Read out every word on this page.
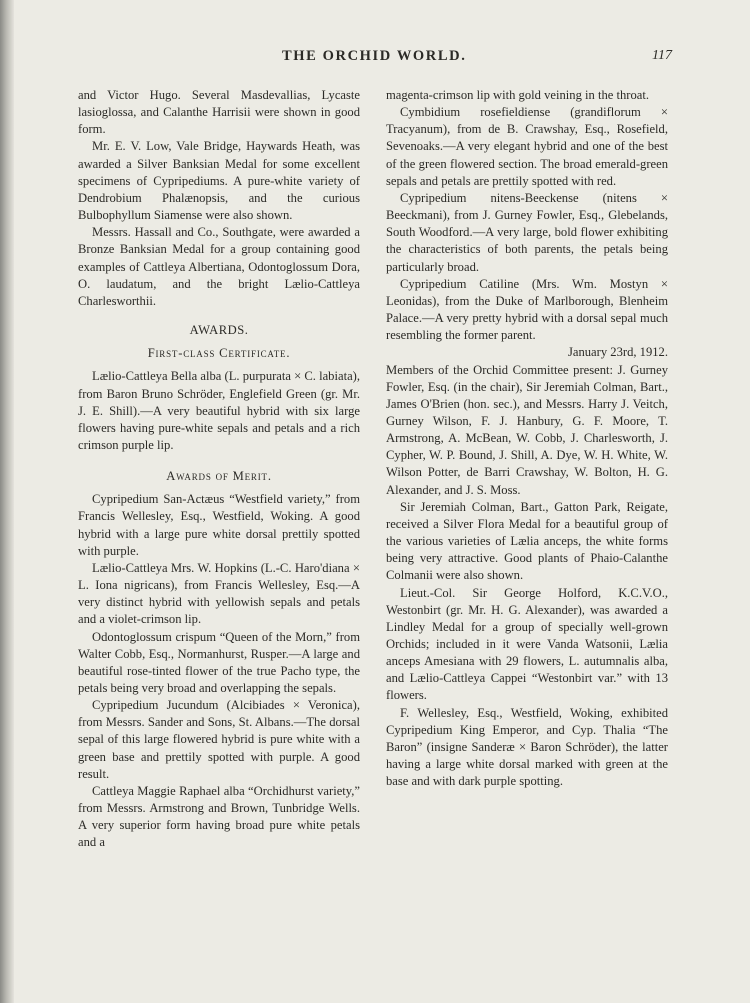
THE ORCHID WORLD.	117

and Victor Hugo. Several Masdevallias, Lycaste lasioglossa, and Calanthe Harrisii were shown in good form.

Mr. E. V. Low, Vale Bridge, Haywards Heath, was awarded a Silver Banksian Medal for some excellent specimens of Cypripediums. A pure-white variety of Dendrobium Phalænopsis, and the curious Bulbophyllum Siamense were also shown.

Messrs. Hassall and Co., Southgate, were awarded a Bronze Banksian Medal for a group containing good examples of Cattleya Albertiana, Odontoglossum Dora, O. laudatum, and the bright Lælio-Cattleya Charlesworthii.

AWARDS.
First-class Certificate.

Lælio-Cattleya Bella alba (L. purpurata × C. labiata), from Baron Bruno Schröder, Englefield Green (gr. Mr. J. E. Shill).—A very beautiful hybrid with six large flowers having pure-white sepals and petals and a rich crimson purple lip.

Awards of Merit.

Cypripedium San-Actæus “Westfield variety,” from Francis Wellesley, Esq., Westfield, Woking. A good hybrid with a large pure white dorsal prettily spotted with purple.

Lælio-Cattleya Mrs. W. Hopkins (L.-C. Haro'diana × L. Iona nigricans), from Francis Wellesley, Esq.—A very distinct hybrid with yellowish sepals and petals and a violet-crimson lip.

Odontoglossum crispum “Queen of the Morn,” from Walter Cobb, Esq., Normanhurst, Rusper.—A large and beautiful rose-tinted flower of the true Pacho type, the petals being very broad and overlapping the sepals.

Cypripedium Jucundum (Alcibiades × Veronica), from Messrs. Sander and Sons, St. Albans.—The dorsal sepal of this large flowered hybrid is pure white with a green base and prettily spotted with purple. A good result.

Cattleya Maggie Raphael alba “Orchidhurst variety,” from Messrs. Armstrong and Brown, Tunbridge Wells. A very superior form having broad pure white petals and a

magenta-crimson lip with gold veining in the throat.

Cymbidium rosefieldiense (grandiflorum × Tracyanum), from de B. Crawshay, Esq., Rosefield, Sevenoaks.—A very elegant hybrid and one of the best of the green flowered section. The broad emerald-green sepals and petals are prettily spotted with red.

Cypripedium nitens-Beeckense (nitens × Beeckmani), from J. Gurney Fowler, Esq., Glebelands, South Woodford.—A very large, bold flower exhibiting the characteristics of both parents, the petals being particularly broad.

Cypripedium Catiline (Mrs. Wm. Mostyn × Leonidas), from the Duke of Marlborough, Blenheim Palace.—A very pretty hybrid with a dorsal sepal much resembling the former parent.

January 23rd, 1912.

Members of the Orchid Committee present: J. Gurney Fowler, Esq. (in the chair), Sir Jeremiah Colman, Bart., James O'Brien (hon. sec.), and Messrs. Harry J. Veitch, Gurney Wilson, F. J. Hanbury, G. F. Moore, T. Armstrong, A. McBean, W. Cobb, J. Charlesworth, J. Cypher, W. P. Bound, J. Shill, A. Dye, W. H. White, W. Wilson Potter, de Barri Crawshay, W. Bolton, H. G. Alexander, and J. S. Moss.

Sir Jeremiah Colman, Bart., Gatton Park, Reigate, received a Silver Flora Medal for a beautiful group of the various varieties of Lælia anceps, the white forms being very attractive. Good plants of Phaio-Calanthe Colmanii were also shown.

Lieut.-Col. Sir George Holford, K.C.V.O., Westonbirt (gr. Mr. H. G. Alexander), was awarded a Lindley Medal for a group of specially well-grown Orchids; included in it were Vanda Watsonii, Lælia anceps Amesiana with 29 flowers, L. autumnalis alba, and Lælio-Cattleya Cappei “Westonbirt var.” with 13 flowers.

F. Wellesley, Esq., Westfield, Woking, exhibited Cypripedium King Emperor, and Cyp. Thalia “The Baron” (insigne Sanderæ × Baron Schröder), the latter having a large white dorsal marked with green at the base and with dark purple spotting.
